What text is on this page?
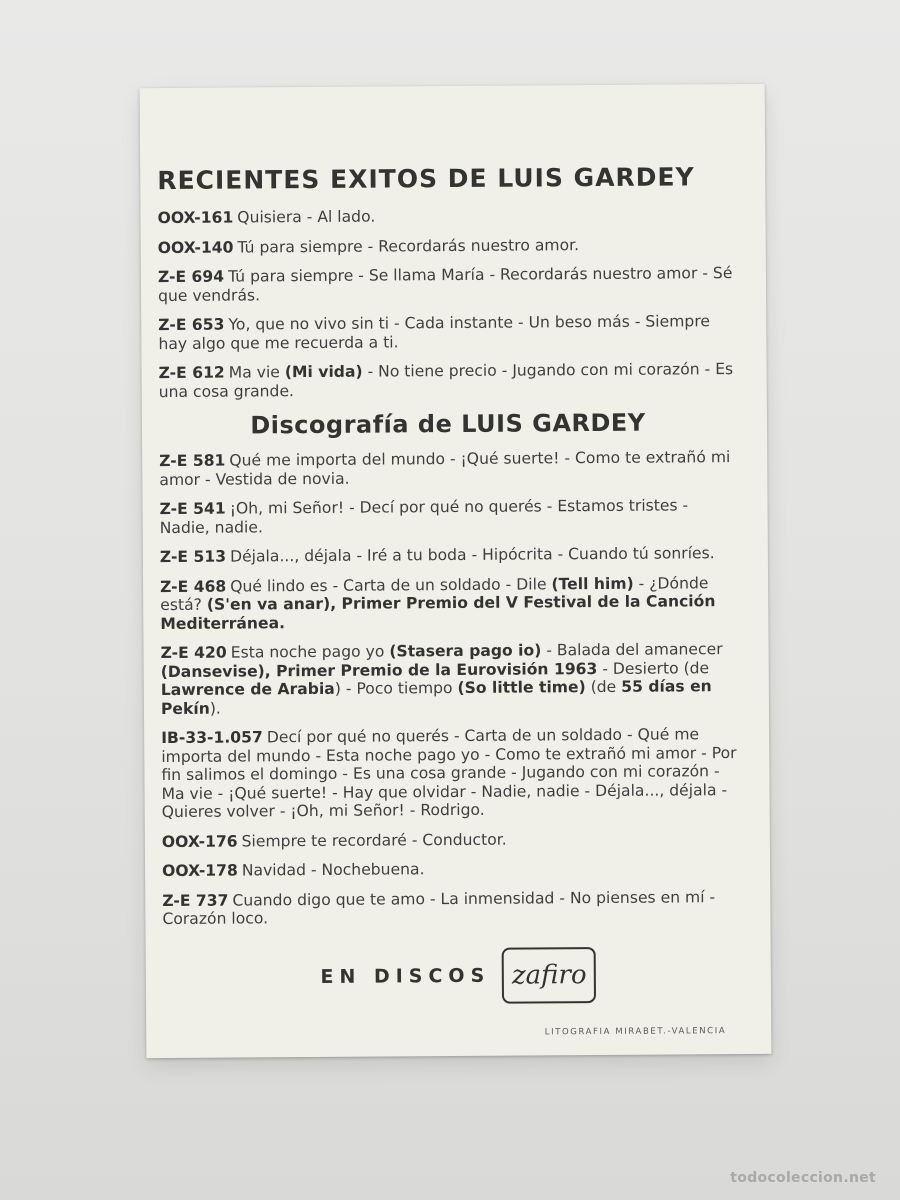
RECIENTES EXITOS DE LUIS GARDEY

OOX-161 Quisiera - Al lado.

OOX-140 Tú para siempre - Recordarás nuestro amor.

Z-E 694 Tú para siempre - Se llama María - Recordarás nuestro amor - Sé que vendrás.

Z-E 653 Yo, que no vivo sin ti - Cada instante - Un beso más - Siempre hay algo que me recuerda a ti.

Z-E 612 Ma vie (Mi vida) - No tiene precio - Jugando con mi corazón - Es una cosa grande.

Discografía de LUIS GARDEY

Z-E 581 Qué me importa del mundo - ¡Qué suerte! - Como te extrañó mi amor - Vestida de novia.

Z-E 541 ¡Oh, mi Señor! - Decí por qué no querés - Estamos tristes - Nadie, nadie.

Z-E 513 Déjala..., déjala - Iré a tu boda - Hipócrita - Cuando tú sonríes.

Z-E 468 Qué lindo es - Carta de un soldado - Dile (Tell him) - ¿Dónde está? (S'en va anar), Primer Premio del V Festival de la Canción Mediterránea.

Z-E 420 Esta noche pago yo (Stasera pago io) - Balada del amanecer (Dansevise), Primer Premio de la Eurovisión 1963 - Desierto (de Lawrence de Arabia) - Poco tiempo (So little time) (de 55 días en Pekín).

IB-33-1.057 Decí por qué no querés - Carta de un soldado - Qué me importa del mundo - Esta noche pago yo - Como te extrañó mi amor - Por fin salimos el domingo - Es una cosa grande - Jugando con mi corazón - Ma vie - ¡Qué suerte! - Hay que olvidar - Nadie, nadie - Déjala..., déjala - Quieres volver - ¡Oh, mi Señor! - Rodrigo.

OOX-176 Siempre te recordaré - Conductor.

OOX-178 Navidad - Nochebuena.

Z-E 737 Cuando digo que te amo - La inmensidad - No pienses en mí - Corazón loco.

EN DISCOS zafiro
LITOGRAFIA MIRABET.-VALENCIA
todocoleccion.net
